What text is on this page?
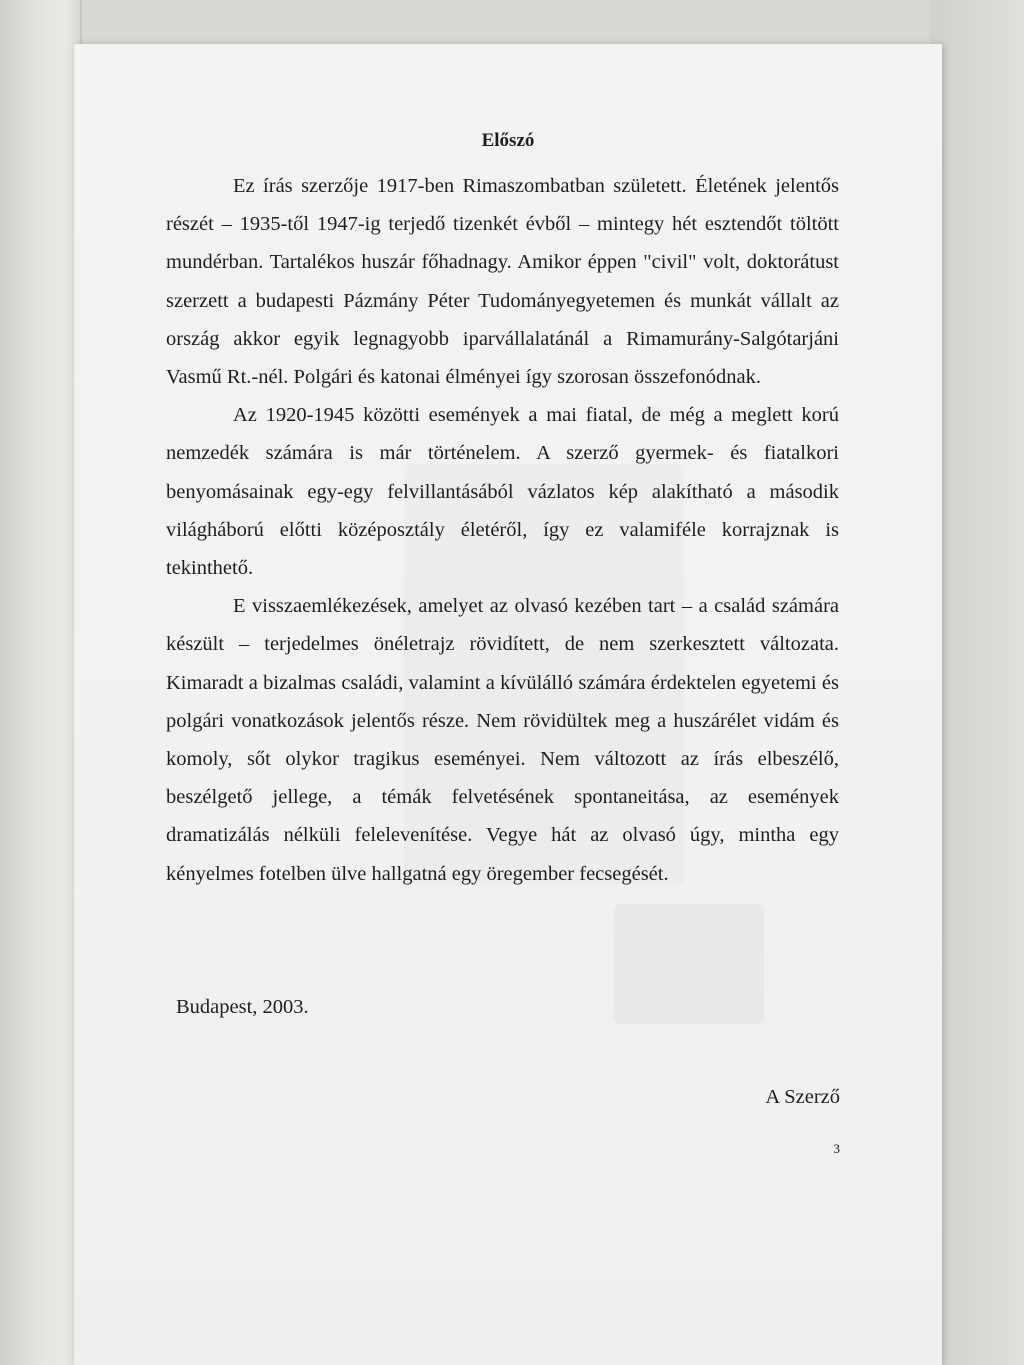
Előszó

Ez írás szerzője 1917-ben Rimaszombatban született. Életének jelentős részét – 1935-től 1947-ig terjedő tizenkét évből – mintegy hét esztendőt töltött mundérban. Tartalékos huszár főhadnagy. Amikor éppen "civil" volt, doktorátust szerzett a budapesti Pázmány Péter Tudományegyetemen és munkát vállalt az ország akkor egyik legnagyobb iparvállalatánál a Rimamurány-Salgótarjáni Vasmű Rt.-nél. Polgári és katonai élményei így szorosan összefonódnak.

Az 1920-1945 közötti események a mai fiatal, de még a meglett korú nemzedék számára is már történelem. A szerző gyermek- és fiatalkori benyomásainak egy-egy felvillantásából vázlatos kép alakítható a második világháború előtti középosztály életéről, így ez valamiféle korrajznak is tekinthető.

E visszaemlékezések, amelyet az olvasó kezében tart – a család számára készült – terjedelmes önéletrajz rövidített, de nem szerkesztett változata. Kimaradt a bizalmas családi, valamint a kívülálló számára érdektelen egyetemi és polgári vonatkozások jelentős része. Nem rövidültek meg a huszárélet vidám és komoly, sőt olykor tragikus eseményei. Nem változott az írás elbeszélő, beszélgető jellege, a témák felvetésének spontaneitása, az események dramatizálás nélküli felelevenítése. Vegye hát az olvasó úgy, mintha egy kényelmes fotelben ülve hallgatná egy öregember fecsegését.

Budapest, 2003.
A Szerző
3
